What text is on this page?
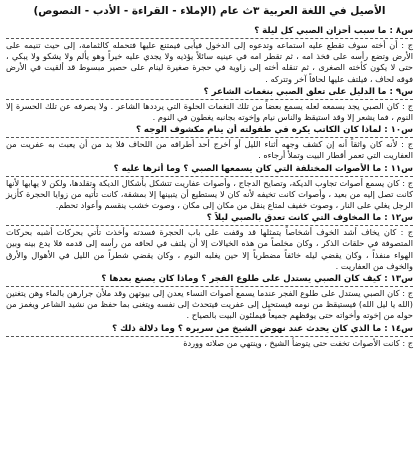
الأصيل في اللغة العربية ٣ث عام (الإملاء - القراءة - الأدب - النصوص)
س٨ : ما سبب أحزان الصبي كل ليلة ؟
ج : أن أخته سوف تقطع عليه استماعه وتدعوه إلى الدخول فيأبى فيمتنع عليها فتحمله كالثمامة، إلى حيث تنيمه على الأرض وتضع رأسه على فخذ امه ، ثم تقطر امه في عينيه سائلاً يؤذيه ولا يجدي عليه خيراً وهو يألم ولا يشكو ولا يبكي ، حتى لا يكون كأخته الصغرى ، ثم تنقله أخته إلى زاوية في حجرة صغيرة لينام على حصير مبسوط قد ألقيت في الأرض فوقه لحاف ، فيلتف عليها لحافاً آخر وتتركه .
س٩ : ما الدليل على تعلق الصبي بنغمات الشاعر ؟
ج : كان الصبي يجد بسمعه لعله يسمع بعضاً من تلك النغمات الحلوة التي يرددها الشاعر . ولا يصرفه عن تلك الحسرة إلا النوم ، فما يشعر إلا وقد استيقظ والناس نيام وإخوته بجانبه يغطون في النوم .
س١٠ : لماذا كان الكاتب يكره في طفولته أن ينام مكشوف الوجه ؟
ج : لأنه كان واثقاً أنه إن كشف وجهه أثناء الليل أو أخرج أحد أطرافه من اللحاف فلا بد من أن يعبث به عفريت من العفاريت التي تعمر أقطار البيت وتملأ أرجاءه .
س١١ : ما الأصوات المختلفة التي كان يسمعها الصبي ؟ وما أثرها عليه ؟
ج : كان يسمع أصوات تجاوب الديكة، وتصايح الدجاج ، وأصوات عفاريت تتشكل بأشكال الديكة وتقلدها، ولكن لا يهابها لأنها كانت تصل إليه من بعيد ، وأصوات كانت تخيفه لأنه كان لا يستطيع أن يتبينها إلا بمشقة، كانت تأتيه من زوايا الحجرة كأزيز الرجل يغلي على النار ، وصوت خفيف لمتاع ينقل من مكان إلى مكان ، وصوت خشب ينقسم وأعواد تحطم.
س١٢ : ما المخاوف التي كانت تعدق بالصبي ليلاً ؟
ج : كان يخاف أشد الخوف أشخاصاً يتمثلها قد وقفت على باب الحجرة فسدته وأخذت تأتي بحركات أشبه بحركات المتصوفة في حلقات الذكر ، وكان مخلصاً من هذه الخيالات إلا أن يلتف في لحافه من رأسه إلى قدمه فلا يدع بينه وبين الهواء منفذاً ، وكان يقضي ليله خائفاً مضطرباً إلا حين يغلبه النوم ، وكان يقضي شطراً من الليل في الأهوال والأرق والخوف من العفاريت .
س١٣ : كيف كان الصبي يستدل على طلوع الفجر ؟ وماذا كان يصنع بعدها ؟
ج : كان الصبي يستدل على طلوع الفجر عندما يسمع أصوات النساء يعدن إلى بيوتهن وقد ملأن جرارهن بالماء وهن يتغنين (الله يا ليل الله) فيستيقظ من نومه فيستحيل إلى عفريت فيتحدث إلى نفسه ويتغنى بما حفظ من نشيد الشاعر ويغمز من حوله من إخوته وأخواته حتى يوقظهم جميعاً فيملئون البيت بالصياح .
س١٤ : ما الذي كان يحدث عند نهوض الشيخ من سريره ؟ وما دلالة ذلك ؟
ج : كانت الأصوات تخفت حتى يتوضأ الشيخ ، وينتهي من صلاته ووردة
